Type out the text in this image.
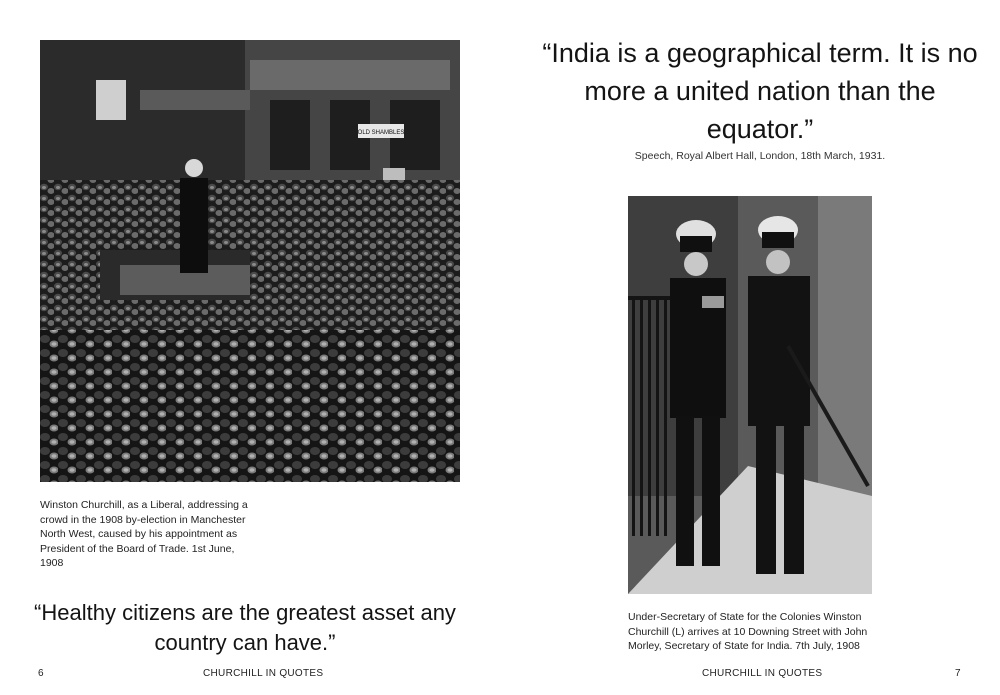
OLD SHAMBLES
Winston Churchill, as a Liberal, addressing a crowd in the 1908 by-election in Manchester North West, caused by his appointment as President of the Board of Trade. 1st June, 1908
“Healthy citizens are the greatest asset any country can have.”
6	CHURCHILL IN QUOTES
“India is a geographical term. It is no more a united nation than the equator.”
Speech, Royal Albert Hall, London, 18th March, 1931.
Under-Secretary of State for the Colonies Winston Churchill (L) arrives at 10 Downing Street with John Morley, Secretary of State for India. 7th July, 1908
CHURCHILL IN QUOTES	7
